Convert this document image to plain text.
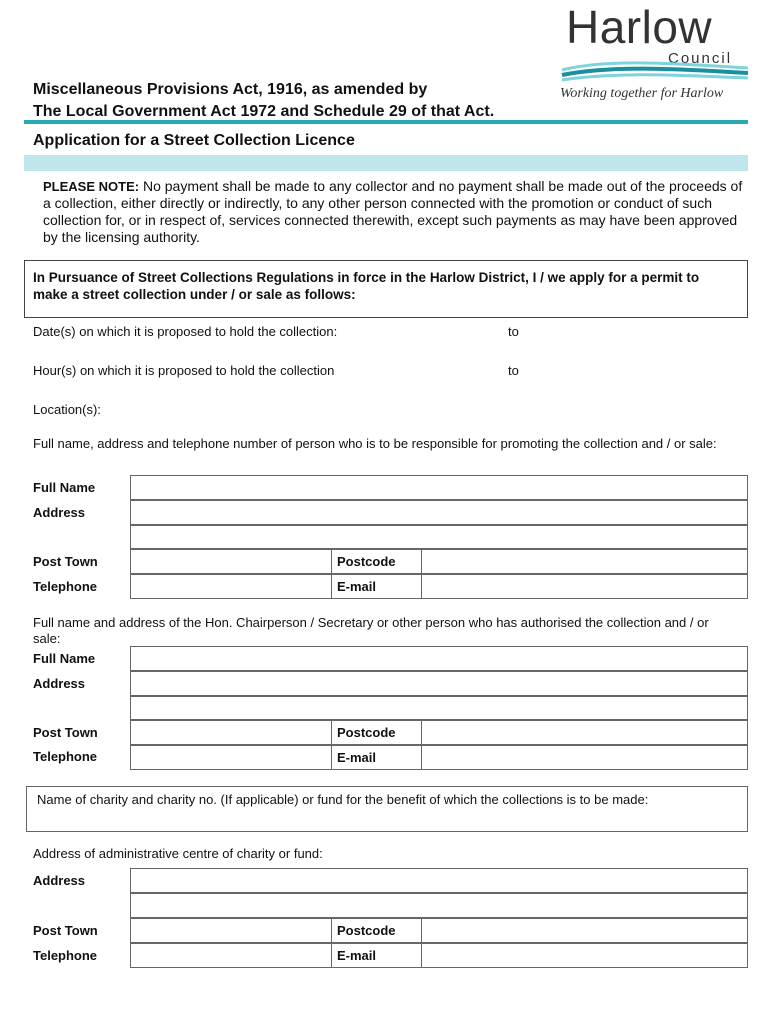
Harlow
Council
Working together for Harlow
Miscellaneous Provisions Act, 1916, as amended by
The Local Government Act 1972 and Schedule 29 of that Act.
Application for a Street Collection Licence
PLEASE NOTE: No payment shall be made to any collector and no payment shall be made out of the proceeds of a collection, either directly or indirectly, to any other person connected with the promotion or conduct of such collection for, or in respect of, services connected therewith, except such payments as may have been approved by the licensing authority.
In Pursuance of Street Collections Regulations in force in the Harlow District, I / we apply for a permit to make a street collection under / or sale as follows:
Date(s) on which it is proposed to hold the collection:	to
Hour(s) on which it is proposed to hold the collection	to
Location(s):
Full name, address and telephone number of person who is to be responsible for promoting the collection and / or sale:
Full Name
Address
Post Town	Postcode
Telephone	E-mail
Full name and address of the Hon. Chairperson / Secretary or other person who has authorised the collection and / or sale:
Full Name
Address
Post Town	Postcode
Telephone	E-mail
Name of charity and charity no. (If applicable) or fund for the benefit of which the collections is to be made:
Address of administrative centre of charity or fund:
Address
Post Town	Postcode
Telephone	E-mail
